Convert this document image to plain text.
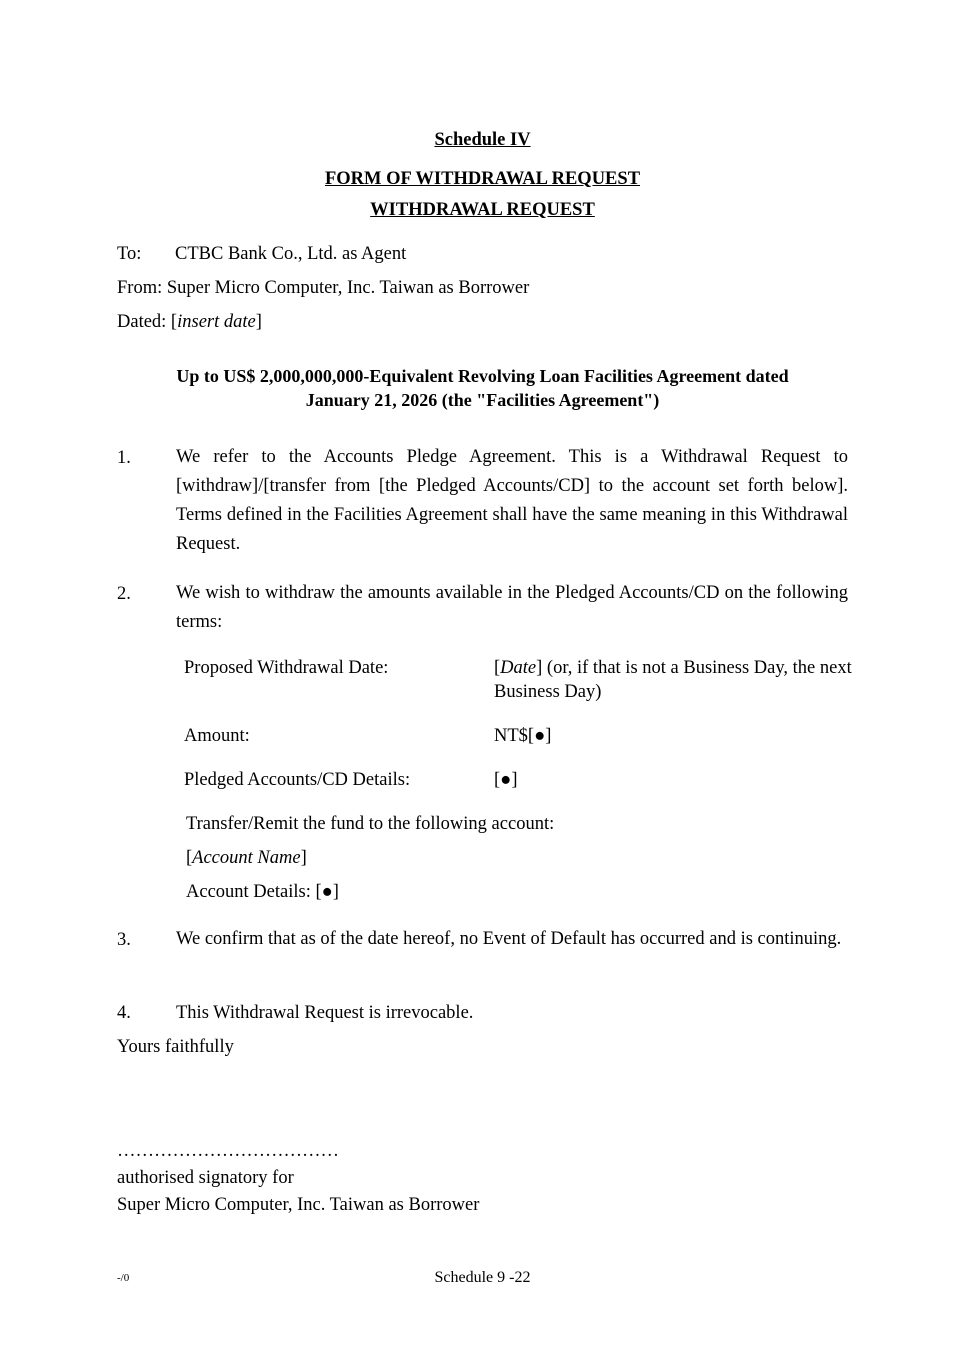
Schedule IV
FORM OF WITHDRAWAL REQUEST
WITHDRAWAL REQUEST
To: CTBC Bank Co., Ltd. as Agent
From: Super Micro Computer, Inc. Taiwan as Borrower
Dated: [insert date]
Up to US$ 2,000,000,000-Equivalent Revolving Loan Facilities Agreement dated
January 21, 2026 (the "Facilities Agreement")
1. We refer to the Accounts Pledge Agreement. This is a Withdrawal Request to [withdraw]/[transfer from [the Pledged Accounts/CD] to the account set forth below]. Terms defined in the Facilities Agreement shall have the same meaning in this Withdrawal Request.
2. We wish to withdraw the amounts available in the Pledged Accounts/CD on the following terms:
Proposed Withdrawal Date:	[Date] (or, if that is not a Business Day, the next Business Day)
Amount:	NT$[●]
Pledged Accounts/CD Details:	[●]
Transfer/Remit the fund to the following account:
[Account Name]
Account Details: [●]
3. We confirm that as of the date hereof, no Event of Default has occurred and is continuing.
4. This Withdrawal Request is irrevocable.
Yours faithfully
………………………………
authorised signatory for
Super Micro Computer, Inc. Taiwan as Borrower
-/0	Schedule 9 -22
